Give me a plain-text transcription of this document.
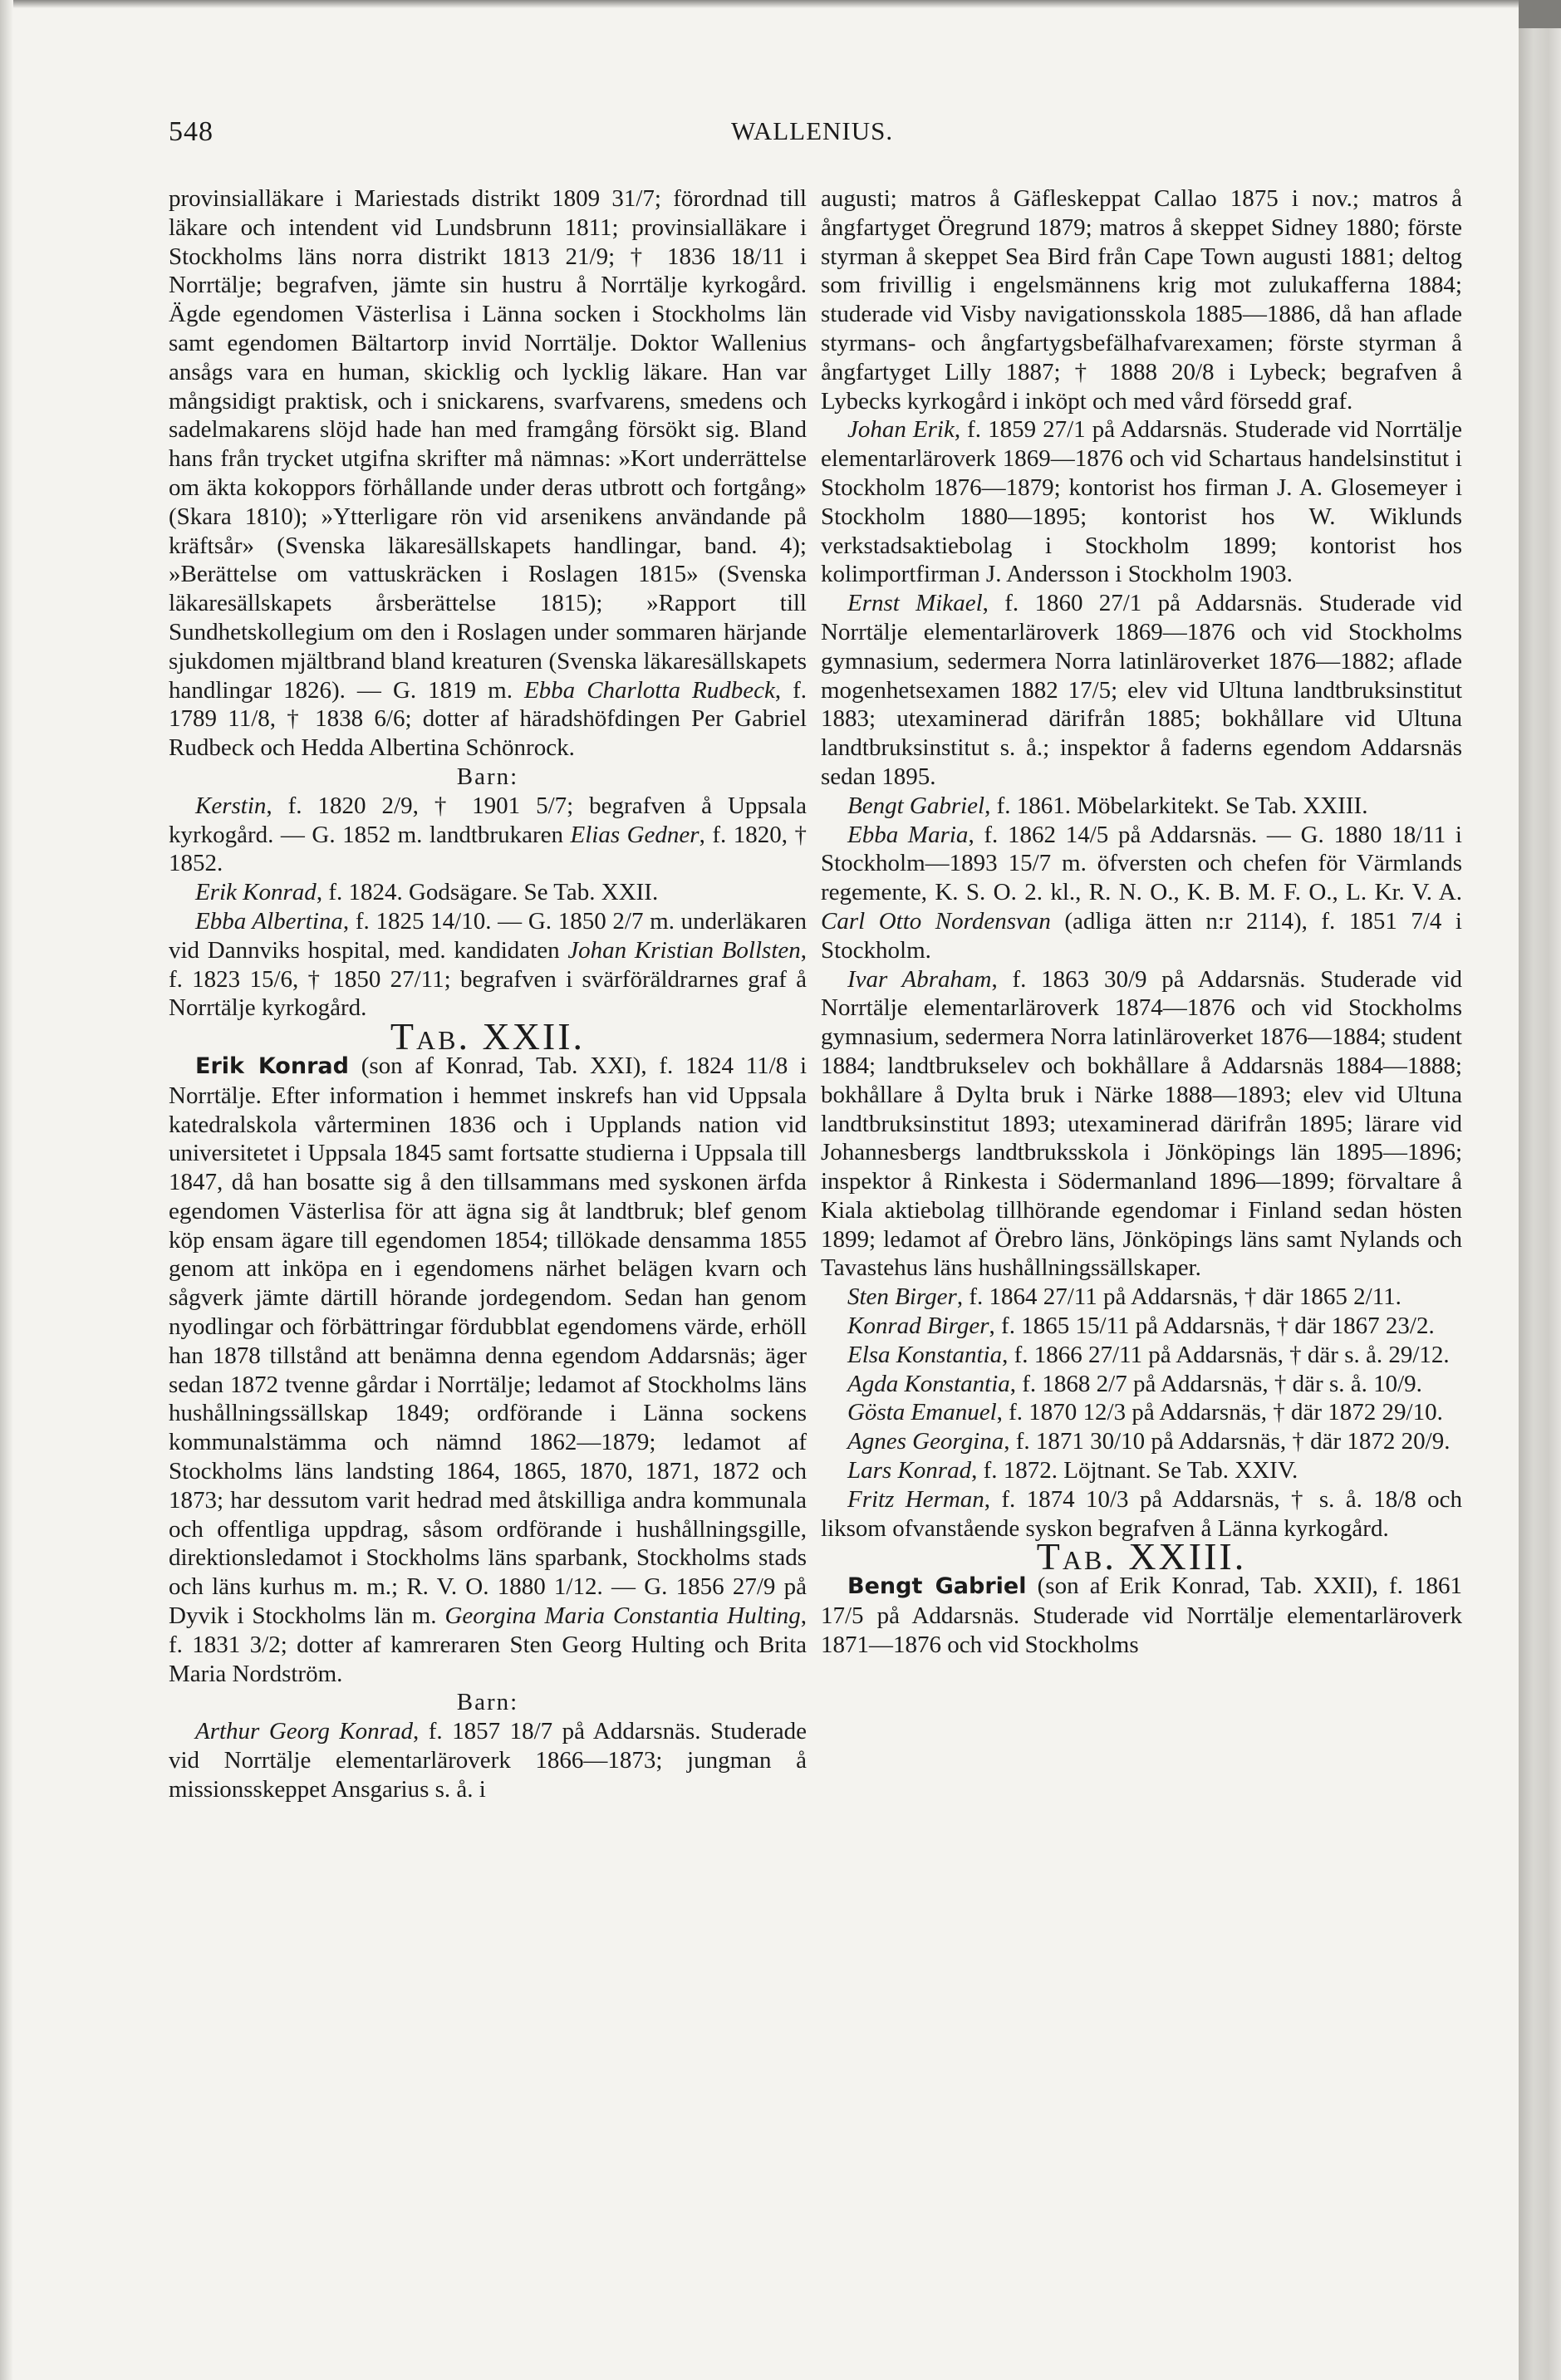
548	WALLENIUS.

provinsialläkare i Mariestads distrikt 1809 31/7; förordnad till läkare och intendent vid Lundsbrunn 1811; provinsialläkare i Stockholms läns norra distrikt 1813 21/9; † 1836 18/11 i Norrtälje; begrafven, jämte sin hustru å Norrtälje kyrkogård. Ägde egendomen Västerlisa i Länna socken i Stockholms län samt egendomen Bältartorp invid Norrtälje. Doktor Wallenius ansågs vara en human, skicklig och lycklig läkare. Han var mångsidigt praktisk, och i snickarens, svarfvarens, smedens och sadelmakarens slöjd hade han med framgång försökt sig. Bland hans från trycket utgifna skrifter må nämnas: »Kort underrättelse om äkta kokoppors förhållande under deras utbrott och fortgång» (Skara 1810); »Ytterligare rön vid arsenikens användande på kräftsår» (Svenska läkaresällskapets handlingar, band. 4); »Berättelse om vattuskräcken i Roslagen 1815» (Svenska läkaresällskapets årsberättelse 1815); »Rapport till Sundhetskollegium om den i Roslagen under sommaren härjande sjukdomen mjältbrand bland kreaturen (Svenska läkaresällskapets handlingar 1826). — G. 1819 m. Ebba Charlotta Rudbeck, f. 1789 11/8, † 1838 6/6; dotter af häradshöfdingen Per Gabriel Rudbeck och Hedda Albertina Schönrock.

Barn:

Kerstin, f. 1820 2/9, † 1901 5/7; begrafven å Uppsala kyrkogård. — G. 1852 m. landtbrukaren Elias Gedner, f. 1820, † 1852.

Erik Konrad, f. 1824. Godsägare. Se Tab. XXII.

Ebba Albertina, f. 1825 14/10. — G. 1850 2/7 m. underläkaren vid Dannviks hospital, med. kandidaten Johan Kristian Bollsten, f. 1823 15/6, † 1850 27/11; begrafven i svärföräldrarnes graf å Norrtälje kyrkogård.

Tab. XXII.

Erik Konrad (son af Konrad, Tab. XXI), f. 1824 11/8 i Norrtälje. Efter information i hemmet inskrefs han vid Uppsala katedralskola vårterminen 1836 och i Upplands nation vid universitetet i Uppsala 1845 samt fortsatte studierna i Uppsala till 1847, då han bosatte sig å den tillsammans med syskonen ärfda egendomen Västerlisa för att ägna sig åt landtbruk; blef genom köp ensam ägare till egendomen 1854; tillökade densamma 1855 genom att inköpa en i egendomens närhet belägen kvarn och sågverk jämte därtill hörande jordegendom. Sedan han genom nyodlingar och förbättringar fördubblat egendomens värde, erhöll han 1878 tillstånd att benämna denna egendom Addarsnäs; äger sedan 1872 tvenne gårdar i Norrtälje; ledamot af Stockholms läns hushållningssällskap 1849; ordförande i Länna sockens kommunalstämma och nämnd 1862—1879; ledamot af Stockholms läns landsting 1864, 1865, 1870, 1871, 1872 och 1873; har dessutom varit hedrad med åtskilliga andra kommunala och offentliga uppdrag, såsom ordförande i hushållningsgille, direktionsledamot i Stockholms läns sparbank, Stockholms stads och läns kurhus m. m.; R. V. O. 1880 1/12. — G. 1856 27/9 på Dyvik i Stockholms län m. Georgina Maria Constantia Hulting, f. 1831 3/2; dotter af kamreraren Sten Georg Hulting och Brita Maria Nordström.

Barn:

Arthur Georg Konrad, f. 1857 18/7 på Addarsnäs. Studerade vid Norrtälje elementarläroverk 1866—1873; jungman å missionsskeppet Ansgarius s. å. i

augusti; matros å Gäfleskeppat Callao 1875 i nov.; matros å ångfartyget Öregrund 1879; matros å skeppet Sidney 1880; förste styrman å skeppet Sea Bird från Cape Town augusti 1881; deltog som frivillig i engelsmännens krig mot zulukafferna 1884; studerade vid Visby navigationsskola 1885—1886, då han aflade styrmans- och ångfartygsbefälhafvarexamen; förste styrman å ångfartyget Lilly 1887; † 1888 20/8 i Lybeck; begrafven å Lybecks kyrkogård i inköpt och med vård försedd graf.

Johan Erik, f. 1859 27/1 på Addarsnäs. Studerade vid Norrtälje elementarläroverk 1869—1876 och vid Schartaus handelsinstitut i Stockholm 1876—1879; kontorist hos firman J. A. Glosemeyer i Stockholm 1880—1895; kontorist hos W. Wiklunds verkstadsaktiebolag i Stockholm 1899; kontorist hos kolimportfirman J. Andersson i Stockholm 1903.

Ernst Mikael, f. 1860 27/1 på Addarsnäs. Studerade vid Norrtälje elementarläroverk 1869—1876 och vid Stockholms gymnasium, sedermera Norra latinläroverket 1876—1882; aflade mogenhetsexamen 1882 17/5; elev vid Ultuna landtbruksinstitut 1883; utexaminerad därifrån 1885; bokhållare vid Ultuna landtbruksinstitut s. å.; inspektor å faderns egendom Addarsnäs sedan 1895.

Bengt Gabriel, f. 1861. Möbelarkitekt. Se Tab. XXIII.

Ebba Maria, f. 1862 14/5 på Addarsnäs. — G. 1880 18/11 i Stockholm—1893 15/7 m. öfversten och chefen för Värmlands regemente, K. S. O. 2. kl., R. N. O., K. B. M. F. O., L. Kr. V. A. Carl Otto Nordensvan (adliga ätten n:r 2114), f. 1851 7/4 i Stockholm.

Ivar Abraham, f. 1863 30/9 på Addarsnäs. Studerade vid Norrtälje elementarläroverk 1874—1876 och vid Stockholms gymnasium, sedermera Norra latinläroverket 1876—1884; student 1884; landtbrukselev och bokhållare å Addarsnäs 1884—1888; bokhållare å Dylta bruk i Närke 1888—1893; elev vid Ultuna landtbruksinstitut 1893; utexaminerad därifrån 1895; lärare vid Johannesbergs landtbruksskola i Jönköpings län 1895—1896; inspektor å Rinkesta i Södermanland 1896—1899; förvaltare å Kiala aktiebolag tillhörande egendomar i Finland sedan hösten 1899; ledamot af Örebro läns, Jönköpings läns samt Nylands och Tavastehus läns hushållningssällskaper.

Sten Birger, f. 1864 27/11 på Addarsnäs, † där 1865 2/11.

Konrad Birger, f. 1865 15/11 på Addarsnäs, † där 1867 23/2.

Elsa Konstantia, f. 1866 27/11 på Addarsnäs, † där s. å. 29/12.

Agda Konstantia, f. 1868 2/7 på Addarsnäs, † där s. å. 10/9.

Gösta Emanuel, f. 1870 12/3 på Addarsnäs, † där 1872 29/10.

Agnes Georgina, f. 1871 30/10 på Addarsnäs, † där 1872 20/9.

Lars Konrad, f. 1872. Löjtnant. Se Tab. XXIV.

Fritz Herman, f. 1874 10/3 på Addarsnäs, † s. å. 18/8 och liksom ofvanstående syskon begrafven å Länna kyrkogård.

Tab. XXIII.

Bengt Gabriel (son af Erik Konrad, Tab. XXII), f. 1861 17/5 på Addarsnäs. Studerade vid Norrtälje elementarläroverk 1871—1876 och vid Stockholms
